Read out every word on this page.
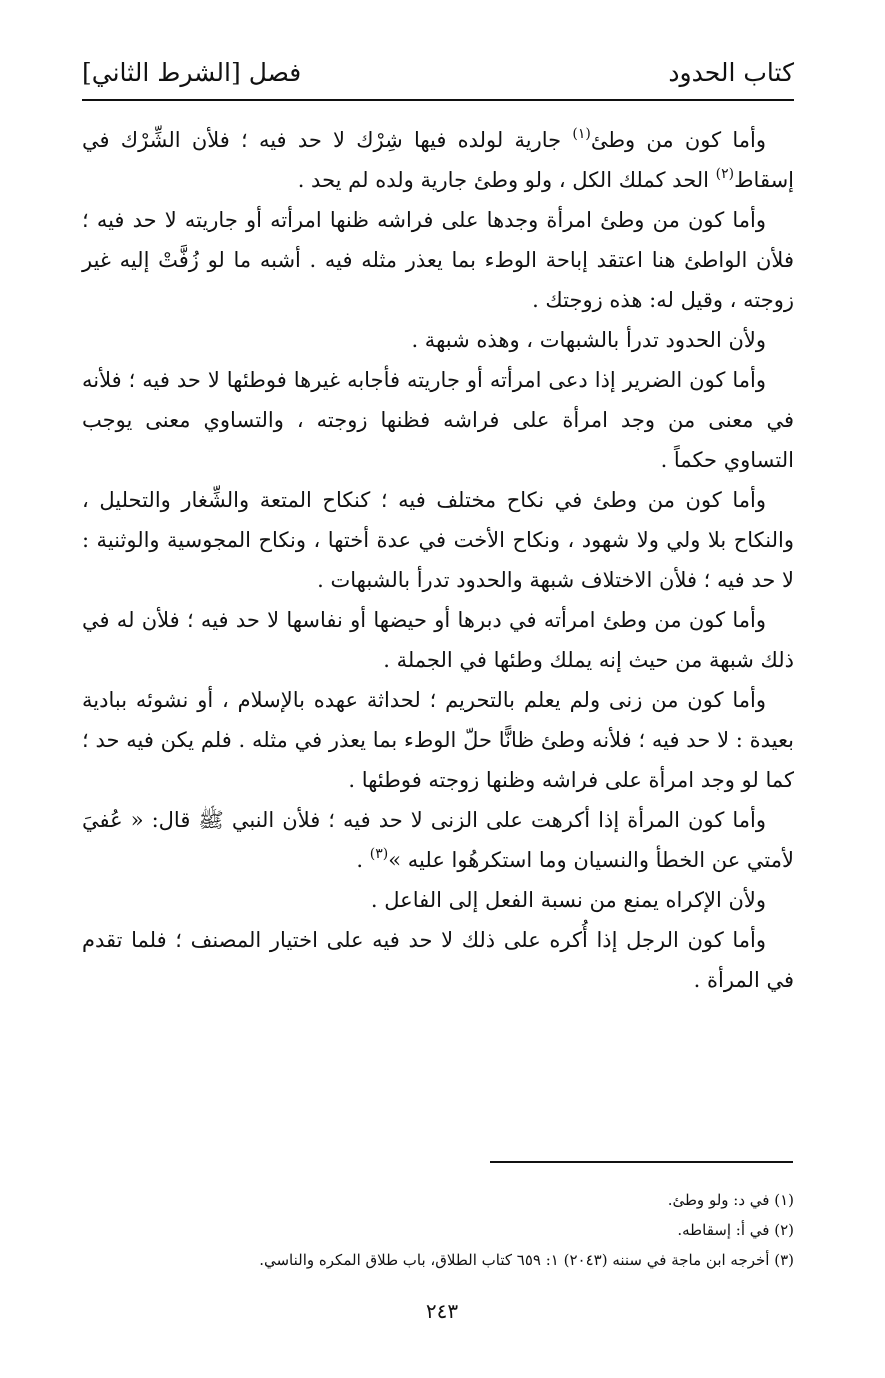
كتاب الحدود
فصل [الشرط الثاني]

وأما كون من وطئ$^{(١)}$ جارية لولده فيها شِرْك لا حد فيه ؛ فلأن الشِّرْك في إسقاط$^{(٢)}$ الحد كملك الكل ، ولو وطئ جارية ولده لم يحد .

وأما كون من وطئ امرأة وجدها على فراشه ظنها امرأته أو جاريته لا حد فيه ؛ فلأن الواطئ هنا اعتقد إباحة الوطء بما يعذر مثله فيه . أشبه ما لو زُفَّتْ إليه غير زوجته ، وقيل له: هذه زوجتك .

ولأن الحدود تدرأ بالشبهات ، وهذه شبهة .

وأما كون الضرير إذا دعى امرأته أو جاريته فأجابه غيرها فوطئها لا حد فيه ؛ فلأنه في معنى من وجد امرأة على فراشه فظنها زوجته ، والتساوي معنى يوجب التساوي حكماً .

وأما كون من وطئ في نكاح مختلف فيه ؛ كنكاح المتعة والشِّغار والتحليل ، والنكاح بلا ولي ولا شهود ، ونكاح الأخت في عدة أختها ، ونكاح المجوسية والوثنية : لا حد فيه ؛ فلأن الاختلاف شبهة والحدود تدرأ بالشبهات .

وأما كون من وطئ امرأته في دبرها أو حيضها أو نفاسها لا حد فيه ؛ فلأن له في ذلك شبهة من حيث إنه يملك وطئها في الجملة .

وأما كون من زنى ولم يعلم بالتحريم ؛ لحداثة عهده بالإسلام ، أو نشوئه ببادية بعيدة : لا حد فيه ؛ فلأنه وطئ ظانًّا حلّ الوطء بما يعذر في مثله . فلم يكن فيه حد ؛ كما لو وجد امرأة على فراشه وظنها زوجته فوطئها .

وأما كون المرأة إذا أكرهت على الزنى لا حد فيه ؛ فلأن النبي ﷺ قال: « عُفيَ لأمتي عن الخطأ والنسيان وما استكرهُوا عليه »$^{(٣)}$ .

ولأن الإكراه يمنع من نسبة الفعل إلى الفاعل .

وأما كون الرجل إذا أُكره على ذلك لا حد فيه على اختيار المصنف ؛ فلما تقدم في المرأة .

(١) في د: ولو وطئ.

(٢) في أ: إسقاطه.

(٣) أخرجه ابن ماجة في سننه (٢٠٤٣) ١: ٦٥٩ كتاب الطلاق، باب طلاق المكره والناسي.

٢٤٣
